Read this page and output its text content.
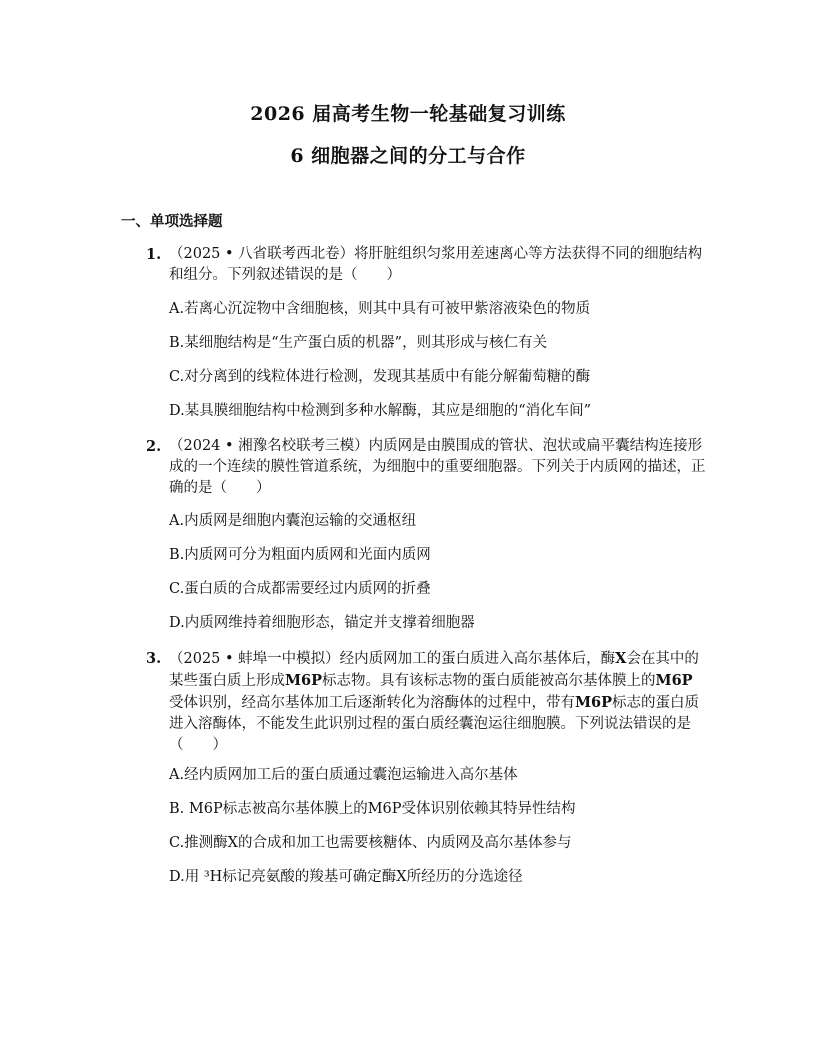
2026 届高考生物一轮基础复习训练
6 细胞器之间的分工与合作
一、单项选择题
1. （2025 • 八省联考西北卷）将肝脏组织匀浆用差速离心等方法获得不同的细胞结构和组分。下列叙述错误的是（　　）
A.若离心沉淀物中含细胞核，则其中具有可被甲紫溶液染色的物质
B.某细胞结构是“生产蛋白质的机器”，则其形成与核仁有关
C.对分离到的线粒体进行检测，发现其基质中有能分解葡萄糖的酶
D.某具膜细胞结构中检测到多种水解酶，其应是细胞的“消化车间”
2. （2024 • 湘豫名校联考三模）内质网是由膜围成的管状、泡状或扁平囊结构连接形成的一个连续的膜性管道系统，为细胞中的重要细胞器。下列关于内质网的描述，正确的是（　　）
A.内质网是细胞内囊泡运输的交通枢纽
B.内质网可分为粗面内质网和光面内质网
C.蛋白质的合成都需要经过内质网的折叠
D.内质网维持着细胞形态，锚定并支撑着细胞器
3. （2025 • 蚌埠一中模拟）经内质网加工的蛋白质进入高尔基体后，酶X会在其中的某些蛋白质上形成M6P标志物。具有该标志物的蛋白质能被高尔基体膜上的M6P受体识别，经高尔基体加工后逐渐转化为溶酶体的过程中，带有M6P标志的蛋白质进入溶酶体，不能发生此识别过程的蛋白质经囊泡运往细胞膜。下列说法错误的是（　　）
A.经内质网加工后的蛋白质通过囊泡运输进入高尔基体
B. M6P标志被高尔基体膜上的M6P受体识别依赖其特异性结构
C.推测酶X的合成和加工也需要核糖体、内质网及高尔基体参与
D.用 ³H标记亮氨酸的羧基可确定酶X所经历的分选途径
